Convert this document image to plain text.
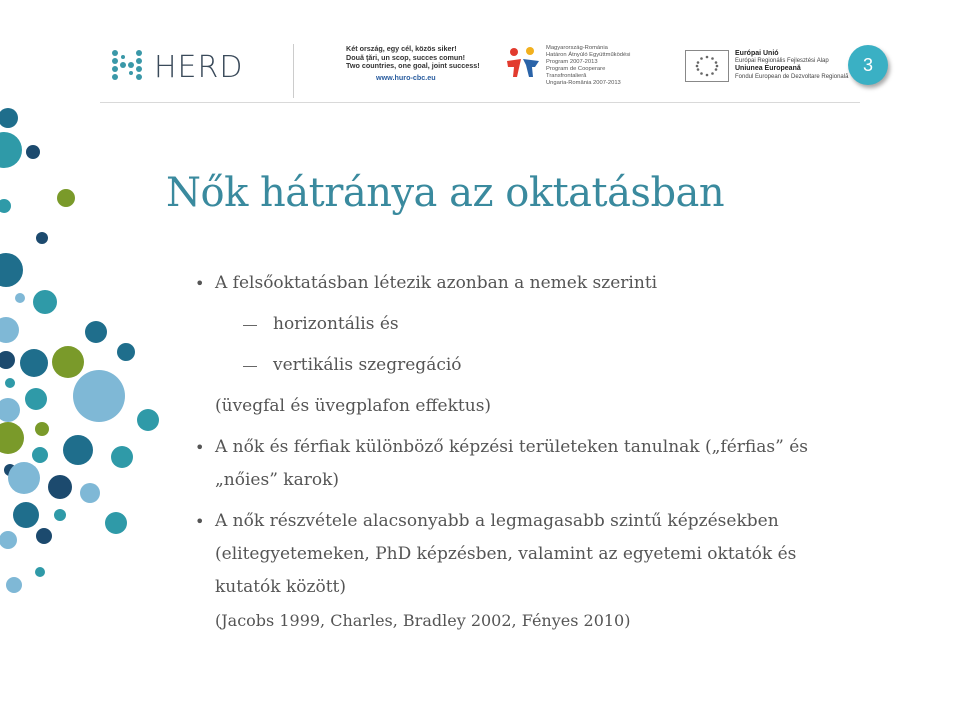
HERD
Két ország, egy cél, közös siker!
Două ţări, un scop, succes comun!
Two countries, one goal, joint success!
www.huro-cbc.eu
Magyarország-Románia
Határon Átnyúló Együttműködési
Program 2007-2013
Program de Cooperare
Transfrontalieră
Ungaria-România 2007-2013
Európai Unió
Európai Regionális Fejlesztési Alap
Uniunea Europeană
Fondul European de Dezvoltare Regională
3
Nők hátránya az oktatásban
• A felsőoktatásban létezik azonban a nemek szerinti
horizontális és
vertikális szegregáció
(üvegfal és üvegplafon effektus)
• A nők és férfiak különböző képzési területeken tanulnak („férfias” és
„nőies” karok)
• A nők részvétele alacsonyabb a legmagasabb szintű képzésekben
(elitegyetemeken, PhD képzésben, valamint az egyetemi oktatók és
kutatók között)
(Jacobs 1999, Charles, Bradley 2002, Fényes 2010)
